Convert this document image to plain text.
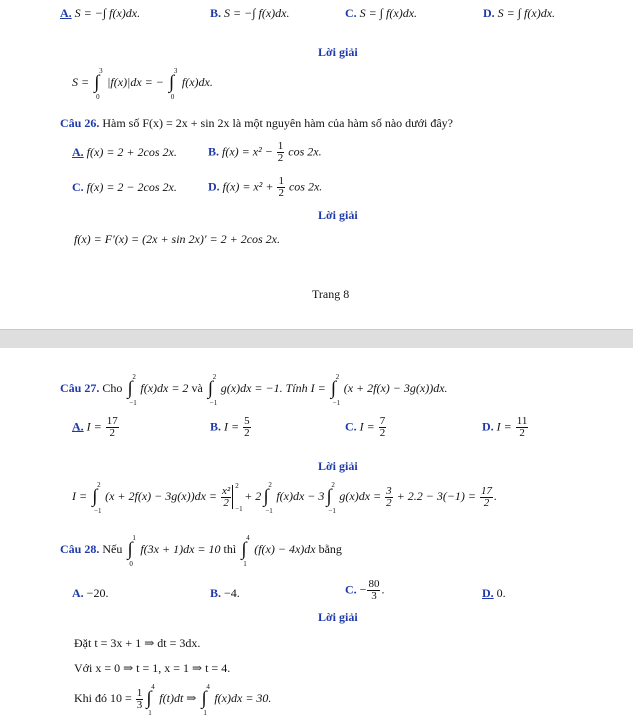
A. S = −∫ f(x)dx.	B. S = −∫ f(x)dx.	C. S = ∫ f(x)dx.	D. S = ∫ f(x)dx.
Lời giải
S = ∫
3
0
|f(x)|dx = − ∫
3
0
f(x)dx.
Câu 26. Hàm số F(x) = 2x + sin 2x là một nguyên hàm của hàm số nào dưới đây?
A. f(x) = 2 + 2cos 2x.	B. $f(x) = x^2 - \frac{1}{2}$ cos 2x.
C. f(x) = 2 − 2cos 2x.	D. $f(x) = x^2 + \frac{1}{2}$ cos 2x.
Lời giải
f(x) = F′(x) = (2x + sin 2x)′ = 2 + 2cos 2x.
Trang 8
Câu 27. Cho ∫
2
−1
f(x)dx = 2 và ∫
2
−1
g(x)dx = −1. Tính I = ∫
2
−1
(x + 2f(x) − 3g(x))dx.
A. $I = \frac{17}{2}$	B. $I = \frac{5}{2}$	C. $I = \frac{7}{2}$	D. $I = \frac{11}{2}$
Lời giải
I = ∫
2
−1
$(x + 2f(x) - 3g(x))dx = \frac{\text{x²}}{2} 2$
−1
+ 2 ∫
2
−1
f(x)dx − 3 ∫
2
−1
$g(x)dx = \frac{3}{2} + 2.2 - 3(-1) = \frac{17}{2}$ .
Câu 28. Nếu ∫
1
0
f(3x + 1)dx = 10 thì ∫
4
1
(f(x) − 4x)dx bằng
A. −20.	B. −4.	C. − $\frac{80}{3}$ .	D. 0.
Lời giải
Đặt t = 3x + 1 ⇒ dt = 3dx.
Với x = 0 ⇒ t = 1, x = 1 ⇒ t = 4.
Khi đó $10 = \frac{1}{3}$ ∫
4
1
f(t)dt ⇒ ∫
4
1
f(x)dx = 30.
